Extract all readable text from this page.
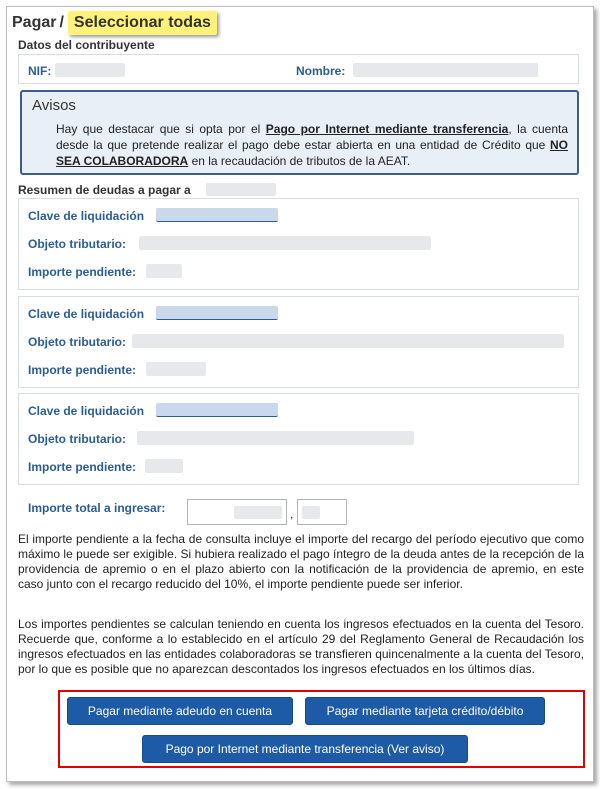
Pagar / Seleccionar todas
Datos del contribuyente
NIF:	Nombre:
Avisos
Hay que destacar que si opta por el Pago por Internet mediante transferencia, la cuenta desde la que pretende realizar el pago debe estar abierta en una entidad de Crédito que NO SEA COLABORADORA en la recaudación de tributos de la AEAT.
Resumen de deudas a pagar a
Clave de liquidación
Objeto tributario:
Importe pendiente:
Clave de liquidación
Objeto tributario:
Importe pendiente:
Clave de liquidación
Objeto tributario:
Importe pendiente:
Importe total a ingresar:	,
El importe pendiente a la fecha de consulta incluye el importe del recargo del período ejecutivo que como máximo le puede ser exigible. Si hubiera realizado el pago íntegro de la deuda antes de la recepción de la providencia de apremio o en el plazo abierto con la notificación de la providencia de apremio, en este caso junto con el recargo reducido del 10%, el importe pendiente puede ser inferior.
Los importes pendientes se calculan teniendo en cuenta los ingresos efectuados en la cuenta del Tesoro. Recuerde que, conforme a lo establecido en el artículo 29 del Reglamento General de Recaudación los ingresos efectuados en las entidades colaboradoras se transfieren quincenalmente a la cuenta del Tesoro, por lo que es posible que no aparezcan descontados los ingresos efectuados en los últimos días.
Pagar mediante adeudo en cuenta	Pagar mediante tarjeta crédito/débito
Pago por Internet mediante transferencia (Ver aviso)
